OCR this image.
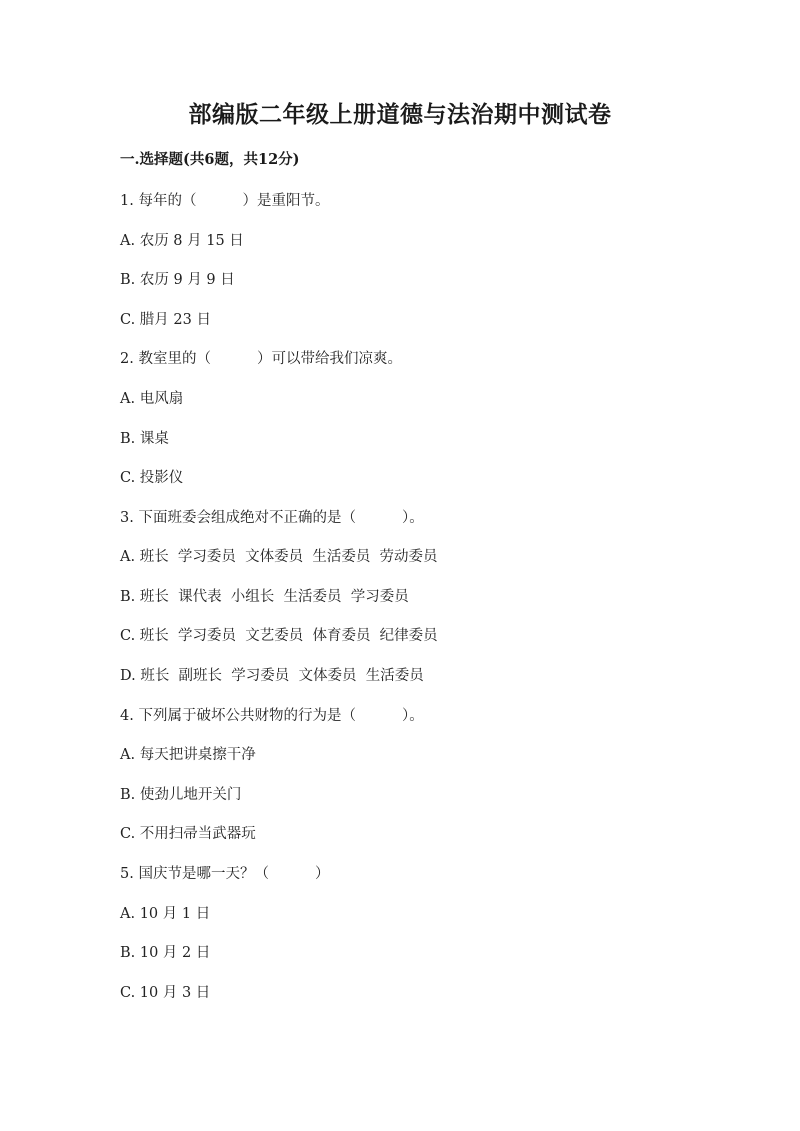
部编版二年级上册道德与法治期中测试卷
一.选择题(共6题，共12分)
1. 每年的（          ）是重阳节。
A. 农历 8 月 15 日
B. 农历 9 月 9 日
C. 腊月 23 日
2. 教室里的（          ）可以带给我们凉爽。
A. 电风扇
B. 课桌
C. 投影仪
3. 下面班委会组成绝对不正确的是（          ）。
A. 班长  学习委员  文体委员  生活委员  劳动委员
B. 班长  课代表  小组长  生活委员  学习委员
C. 班长  学习委员  文艺委员  体育委员  纪律委员
D. 班长  副班长  学习委员  文体委员  生活委员
4. 下列属于破坏公共财物的行为是（          ）。
A. 每天把讲桌擦干净
B. 使劲儿地开关门
C. 不用扫帚当武器玩
5. 国庆节是哪一天？（          ）
A. 10 月 1 日
B. 10 月 2 日
C. 10 月 3 日
